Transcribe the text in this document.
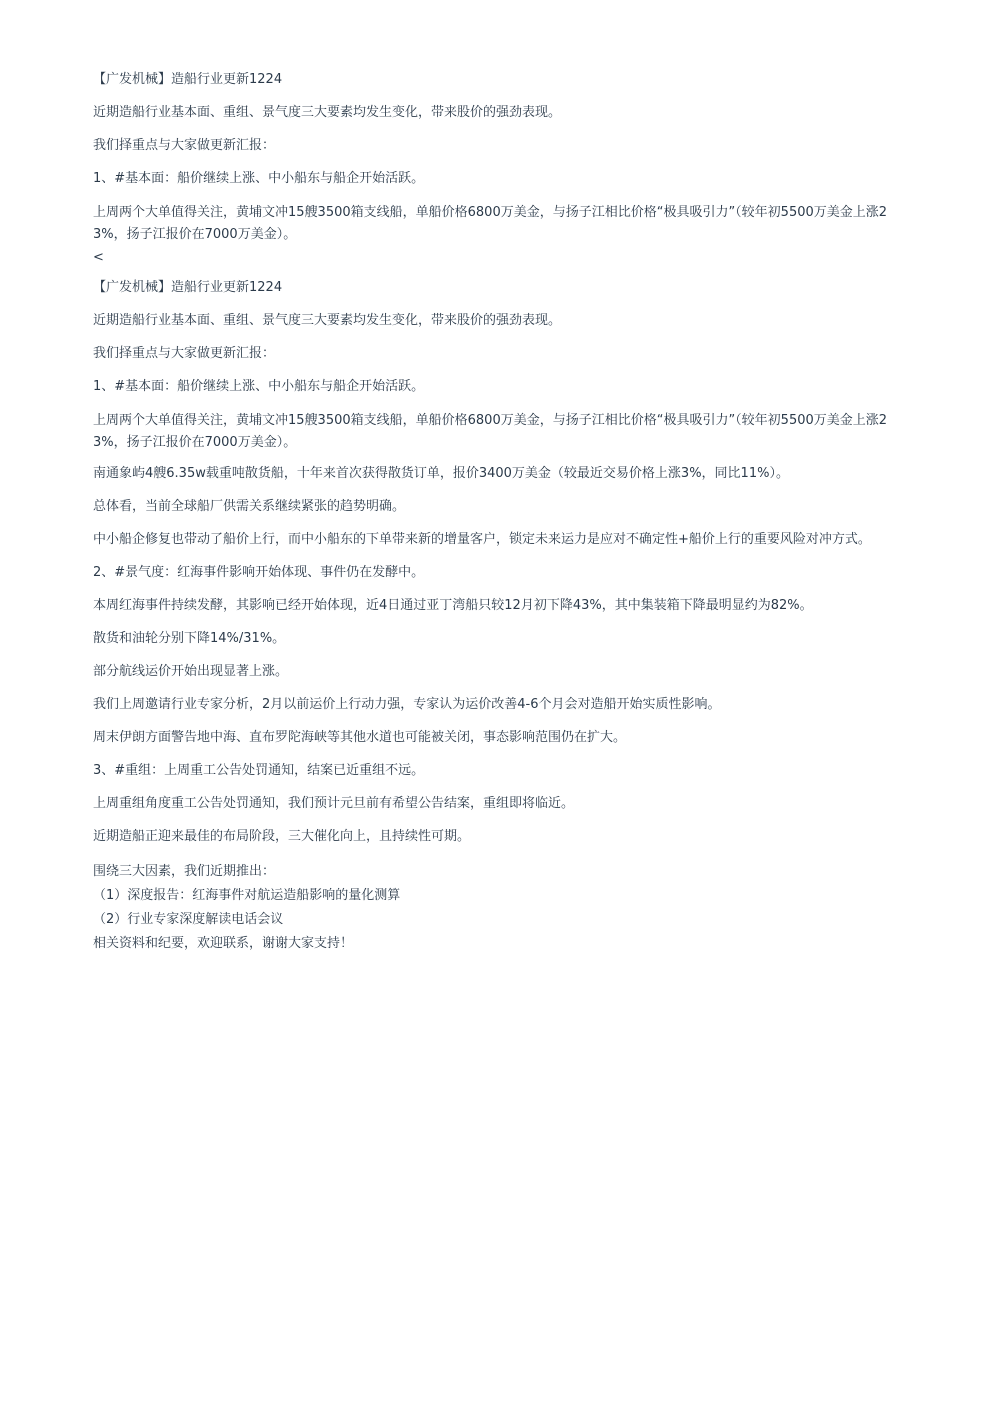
【广发机械】造船行业更新1224

近期造船行业基本面、重组、景气度三大要素均发生变化，带来股价的强劲表现。

我们择重点与大家做更新汇报：

1、#基本面：船价继续上涨、中小船东与船企开始活跃。

上周两个大单值得关注，黄埔文冲15艘3500箱支线船，单船价格6800万美金，与扬子江相比价格“极具吸引力”（较年初5500万美金上涨23%，扬子江报价在7000万美金）。

<

【广发机械】造船行业更新1224

近期造船行业基本面、重组、景气度三大要素均发生变化，带来股价的强劲表现。

我们择重点与大家做更新汇报：

1、#基本面：船价继续上涨、中小船东与船企开始活跃。

上周两个大单值得关注，黄埔文冲15艘3500箱支线船，单船价格6800万美金，与扬子江相比价格“极具吸引力”（较年初5500万美金上涨23%，扬子江报价在7000万美金）。

南通象屿4艘6.35w载重吨散货船，十年来首次获得散货订单，报价3400万美金（较最近交易价格上涨3%，同比11%）。

总体看，当前全球船厂供需关系继续紧张的趋势明确。

中小船企修复也带动了船价上行，而中小船东的下单带来新的增量客户，锁定未来运力是应对不确定性+船价上行的重要风险对冲方式。

2、#景气度：红海事件影响开始体现、事件仍在发酵中。

本周红海事件持续发酵，其影响已经开始体现，近4日通过亚丁湾船只较12月初下降43%，其中集装箱下降最明显约为82%。

散货和油轮分别下降14%/31%。

部分航线运价开始出现显著上涨。

我们上周邀请行业专家分析，2月以前运价上行动力强，专家认为运价改善4-6个月会对造船开始实质性影响。

周末伊朗方面警告地中海、直布罗陀海峡等其他水道也可能被关闭，事态影响范围仍在扩大。

3、#重组：上周重工公告处罚通知，结案已近重组不远。

上周重组角度重工公告处罚通知，我们预计元旦前有希望公告结案，重组即将临近。

近期造船正迎来最佳的布局阶段，三大催化向上，且持续性可期。

围绕三大因素，我们近期推出：

（1）深度报告：红海事件对航运造船影响的量化测算

（2）行业专家深度解读电话会议

相关资料和纪要，欢迎联系，谢谢大家支持！
